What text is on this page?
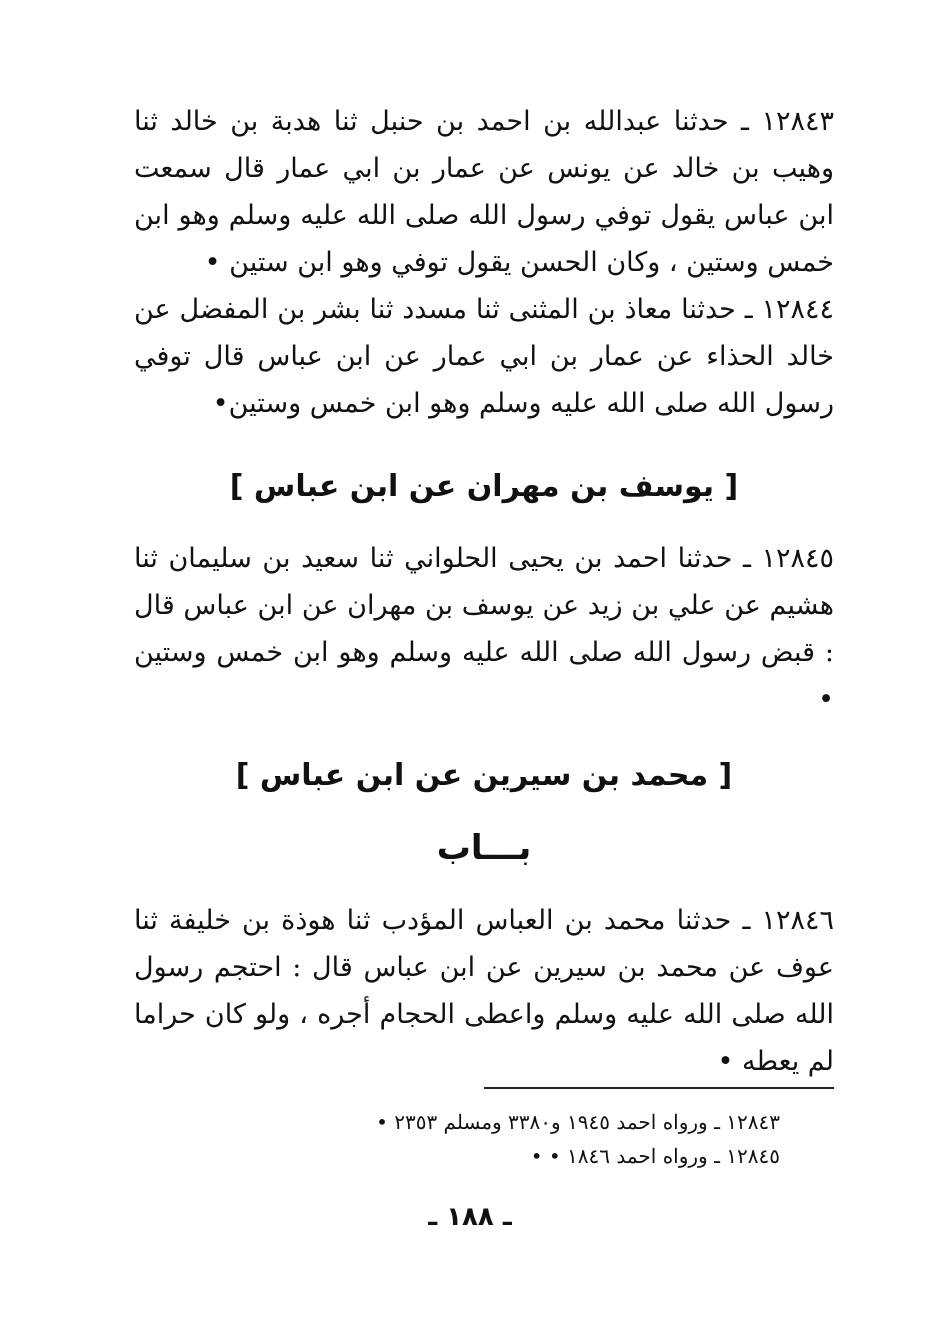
١٢٨٤٣ ـ حدثنا عبدالله بن احمد بن حنبل ثنا هدبة بن خالد ثنا وهيب بن خالد عن يونس عن عمار بن ابي عمار قال سمعت ابن عباس يقول توفي رسول الله صلى الله عليه وسلم وهو ابن خمس وستين ، وكان الحسن يقول توفي وهو ابن ستين •
١٢٨٤٤ ـ حدثنا معاذ بن المثنى ثنا مسدد ثنا بشر بن المفضل عن خالد الحذاء عن عمار بن ابي عمار عن ابن عباس قال توفي رسول الله صلى الله عليه وسلم وهو ابن خمس وستين•
[ يوسف بن مهران عن ابن عباس ]
١٢٨٤٥ ـ حدثنا احمد بن يحيى الحلواني ثنا سعيد بن سليمان ثنا هشيم عن علي بن زيد عن يوسف بن مهران عن ابن عباس قال : قبض رسول الله صلى الله عليه وسلم وهو ابن خمس وستين •
[ محمد بن سيرين عن ابن عباس ]
بـــاب
١٢٨٤٦ ـ حدثنا محمد بن العباس المؤدب ثنا هوذة بن خليفة ثنا عوف عن محمد بن سيرين عن ابن عباس قال : احتجم رسول الله صلى الله عليه وسلم واعطى الحجام أجره ، ولو كان حراما لم يعطه •
١٢٨٤٣ ـ ورواه احمد ١٩٤٥ و٣٣٨٠ ومسلم ٢٣٥٣ •
١٢٨٤٥ ـ ورواه احمد ١٨٤٦ • •
ـ ١٨٨ ـ
